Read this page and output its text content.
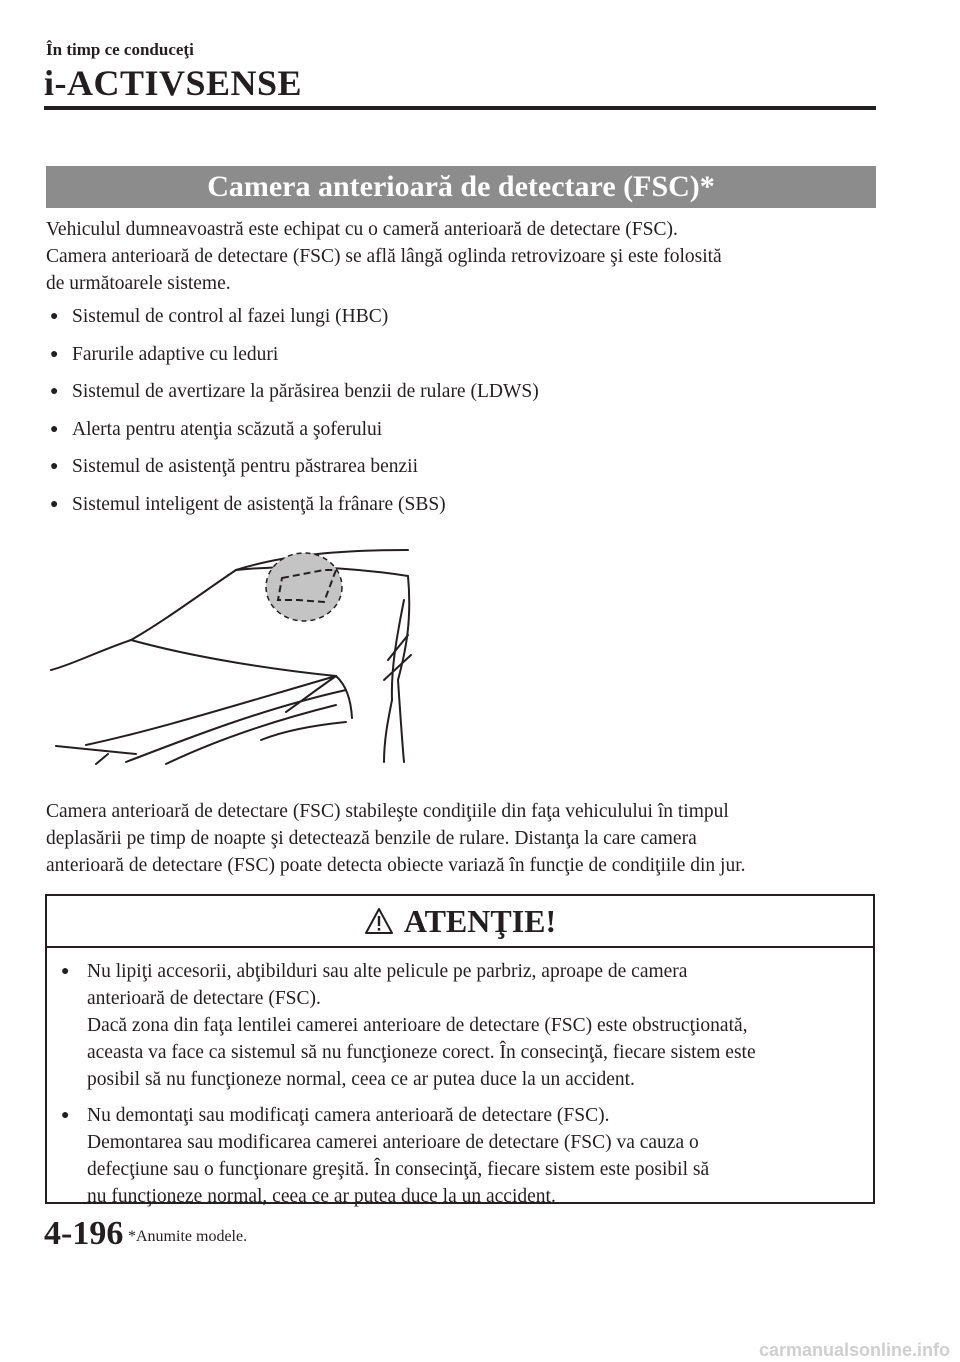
În timp ce conduceţi
i-ACTIVSENSE
Camera anterioară de detectare (FSC)*
Vehiculul dumneavoastră este echipat cu o cameră anterioară de detectare (FSC).
Camera anterioară de detectare (FSC) se află lângă oglinda retrovizoare şi este folosită
de următoarele sisteme.
● Sistemul de control al fazei lungi (HBC)
● Farurile adaptive cu leduri
● Sistemul de avertizare la părăsirea benzii de rulare (LDWS)
● Alerta pentru atenţia scăzută a şoferului
● Sistemul de asistenţă pentru păstrarea benzii
● Sistemul inteligent de asistenţă la frânare (SBS)
Camera anterioară de detectare (FSC) stabileşte condiţiile din faţa vehiculului în timpul
deplasării pe timp de noapte şi detectează benzile de rulare. Distanţa la care camera
anterioară de detectare (FSC) poate detecta obiecte variază în funcţie de condiţiile din jur.
ATENŢIE!
● Nu lipiţi accesorii, abţibilduri sau alte pelicule pe parbriz, aproape de camera
anterioară de detectare (FSC).
Dacă zona din faţa lentilei camerei anterioare de detectare (FSC) este obstrucţionată,
aceasta va face ca sistemul să nu funcţioneze corect. În consecinţă, fiecare sistem este
posibil să nu funcţioneze normal, ceea ce ar putea duce la un accident.
● Nu demontaţi sau modificaţi camera anterioară de detectare (FSC).
Demontarea sau modificarea camerei anterioare de detectare (FSC) va cauza o
defecţiune sau o funcţionare greşită. În consecinţă, fiecare sistem este posibil să
nu funcţioneze normal, ceea ce ar putea duce la un accident.
4-196 *Anumite modele.
carmanualsonline.info
